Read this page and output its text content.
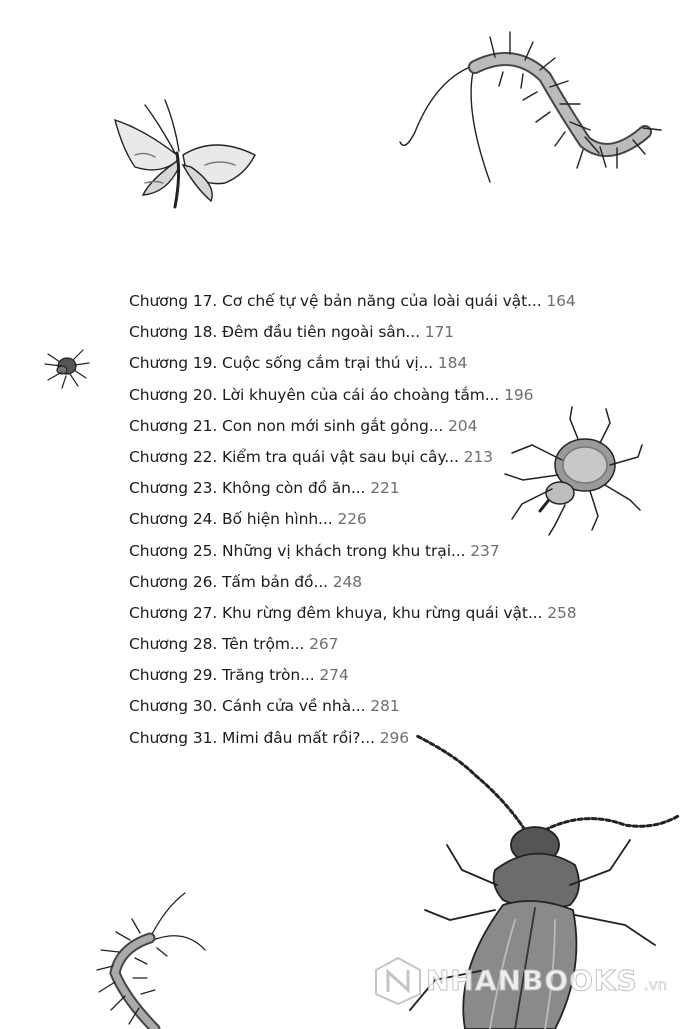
Chương 17. Cơ chế tự vệ bản năng của loài quái vật... 164
Chương 18. Đêm đầu tiên ngoài sân... 171
Chương 19. Cuộc sống cắm trại thú vị... 184
Chương 20. Lời khuyên của cái áo choàng tắm... 196
Chương 21. Con non mới sinh gắt gỏng... 204
Chương 22. Kiểm tra quái vật sau bụi cây... 213
Chương 23. Không còn đồ ăn... 221
Chương 24. Bố hiện hình... 226
Chương 25. Những vị khách trong khu trại... 237
Chương 26. Tấm bản đồ... 248
Chương 27. Khu rừng đêm khuya, khu rừng quái vật... 258
Chương 28. Tên trộm... 267
Chương 29. Trăng tròn... 274
Chương 30. Cánh cửa về nhà... 281
Chương 31. Mimi đâu mất rồi?... 296
NHANBOOKS .vn
